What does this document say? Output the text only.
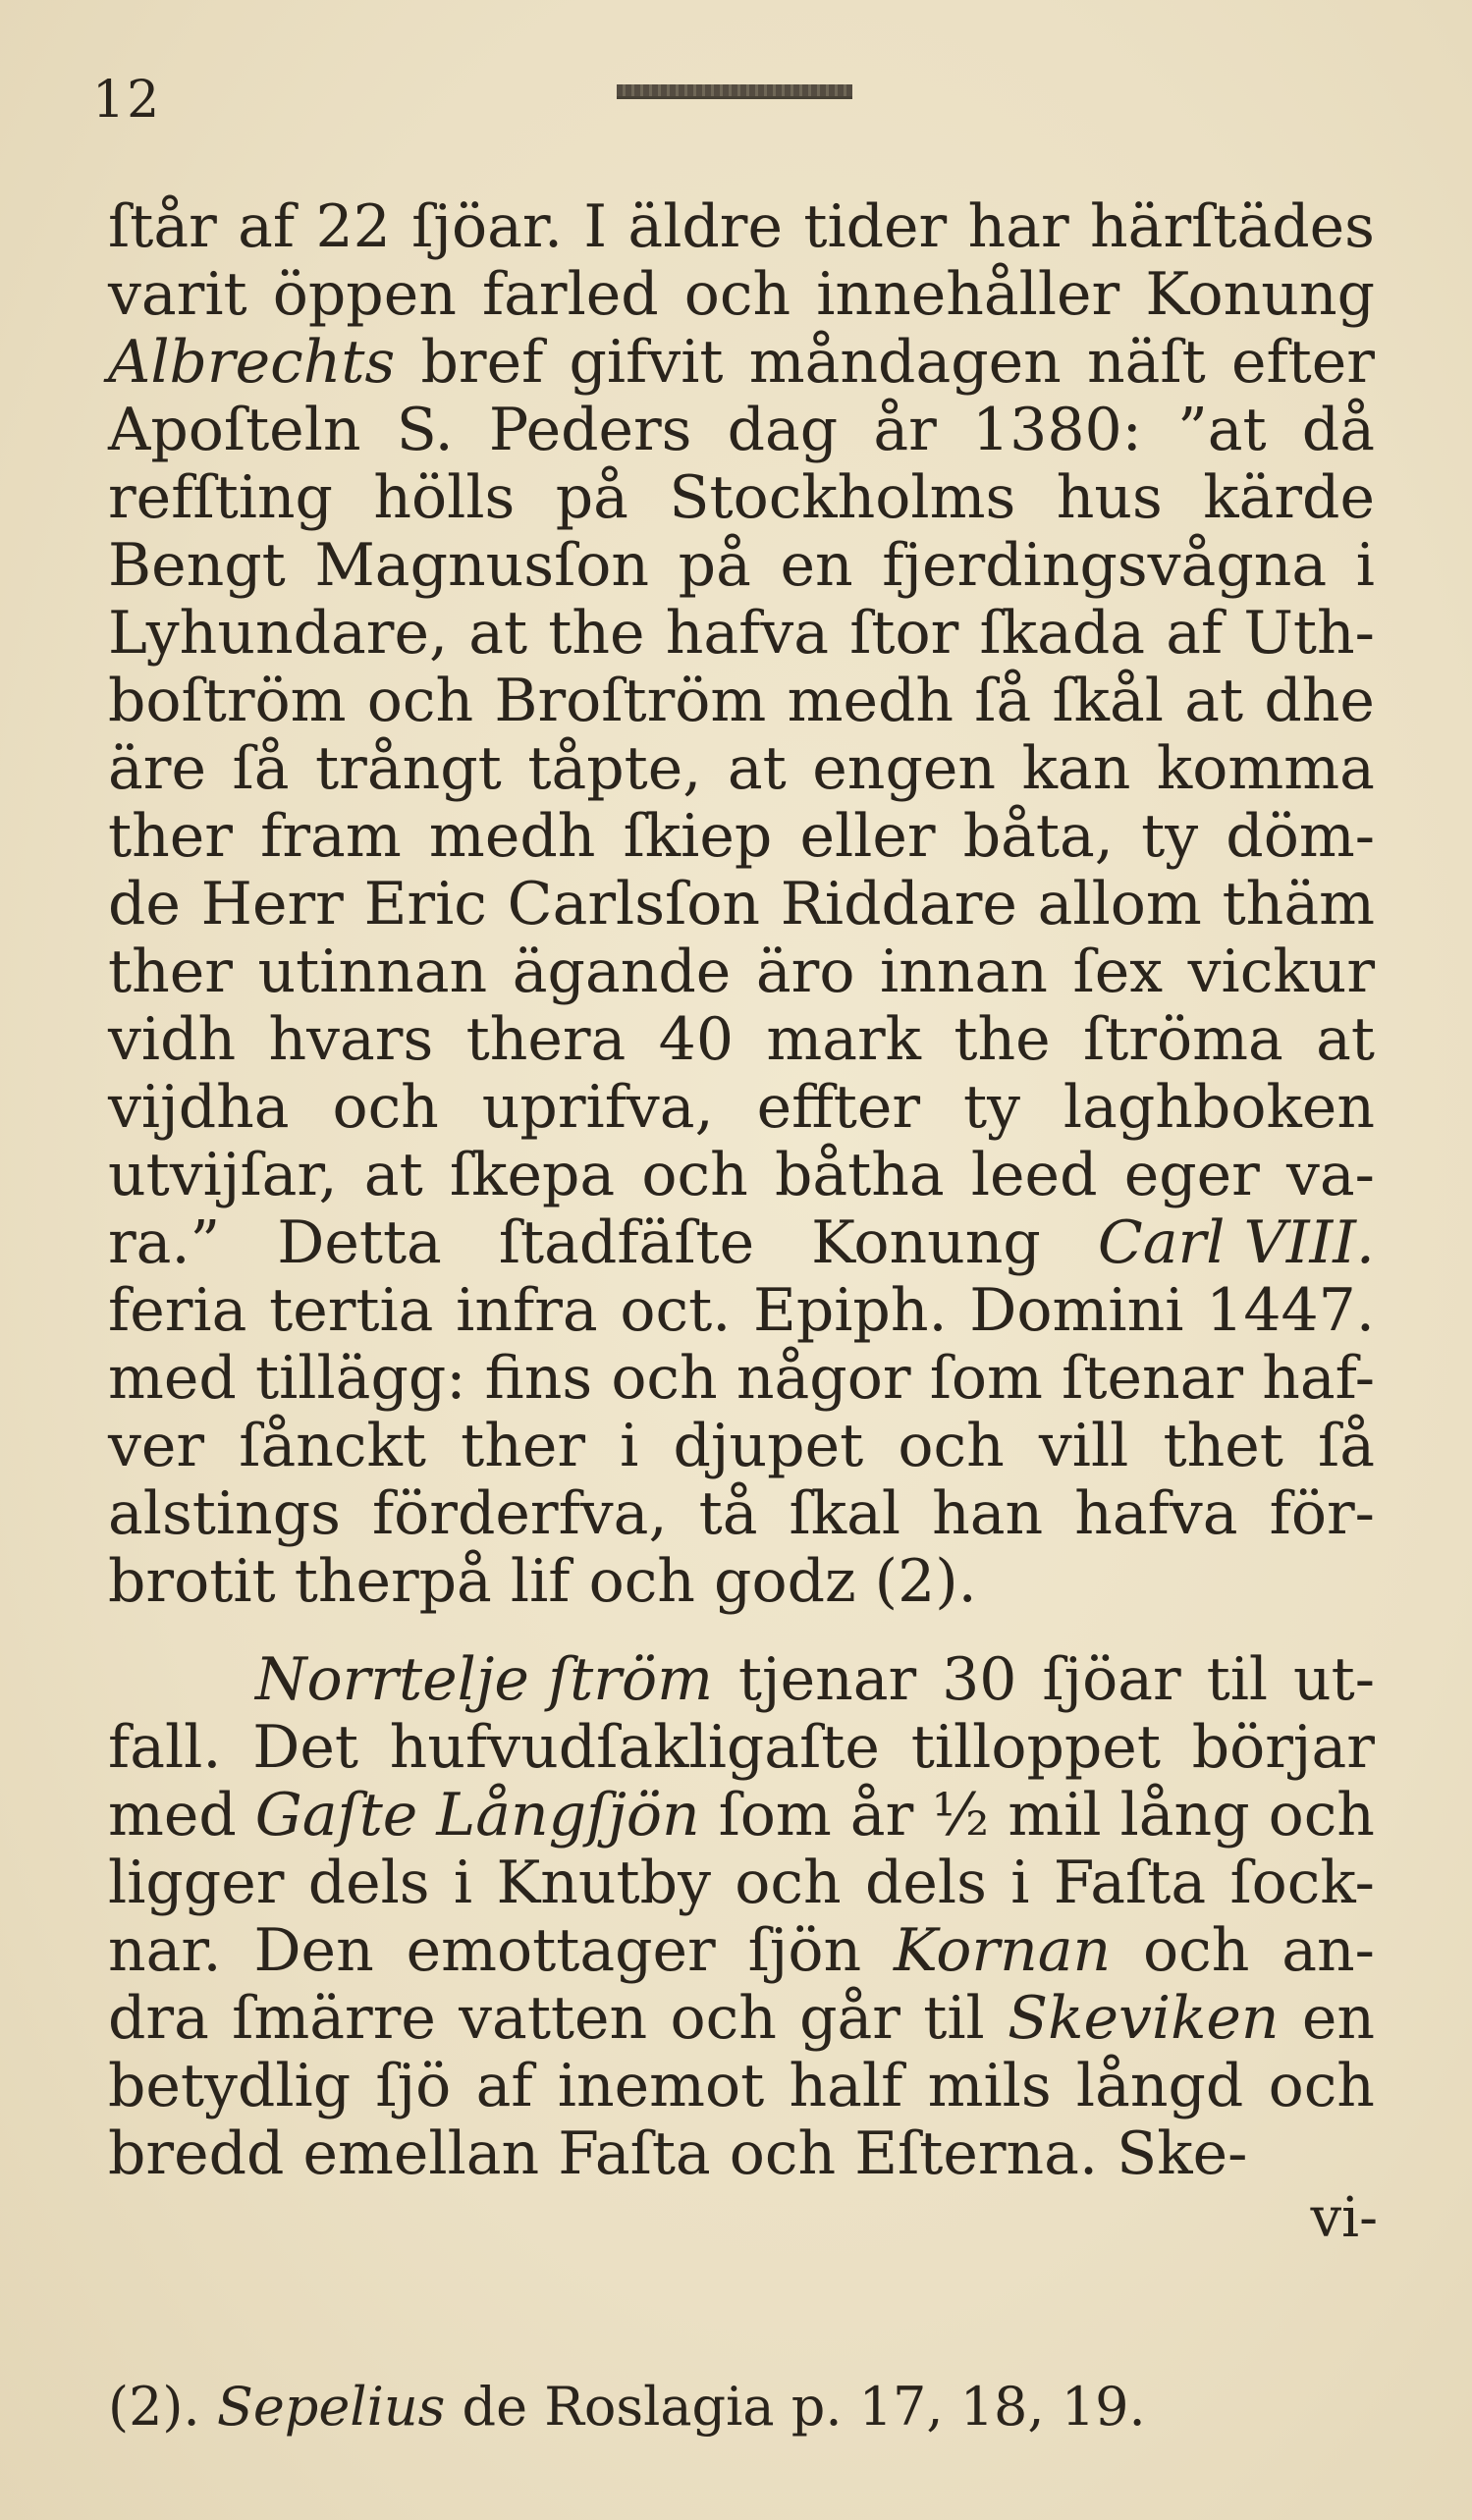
12
ſtår af 22 ſjöar. I äldre tider har härſtädes
varit öppen farled och innehåller Konung
Albrechts bref gifvit måndagen näſt efter
Apoſteln S. Peders dag år 1380: ”at då
refſting hölls på Stockholms hus kärde
Bengt Magnusſon på en fjerdingsvågna i
Lyhundare, at the hafva ſtor ſkada af Uth-
boſtröm och Broſtröm medh ſå ſkål at dhe
äre ſå trångt tåpte, at engen kan komma
ther fram medh ſkiep eller båta, ty döm-
de Herr Eric Carlsſon Riddare allom thäm
ther utinnan ägande äro innan ſex vickur
vidh hvars thera 40 mark the ſtröma at
vijdha och uprifva, effter ty laghboken
utvijſar, at ſkepa och båtha leed eger va-
ra.” Detta ſtadfäſte Konung Carl VIII.
feria tertia infra oct. Epiph. Domini 1447.
med tillägg: fins och någor ſom ſtenar haf-
ver ſånckt ther i djupet och vill thet ſå
alstings förderfva, tå ſkal han hafva för-
brotit
therpå
lif
och
godz
(2).

Norrtelje ſtröm tjenar 30 ſjöar til ut-
fall. Det hufvudſakligaſte tilloppet börjar
med Gaſte Långſjön ſom år ½ mil lång och
ligger dels i Knutby och dels i Faſta ſock-
nar. Den emottager ſjön Kornan och an-
dra ſmärre vatten och går til Skeviken en
betydlig ſjö af inemot half mils långd och
bredd
emellan
Faſta
och
Eſterna.
Ske-

vi-
(2). Sepelius de Roslagia p. 17, 18, 19.
